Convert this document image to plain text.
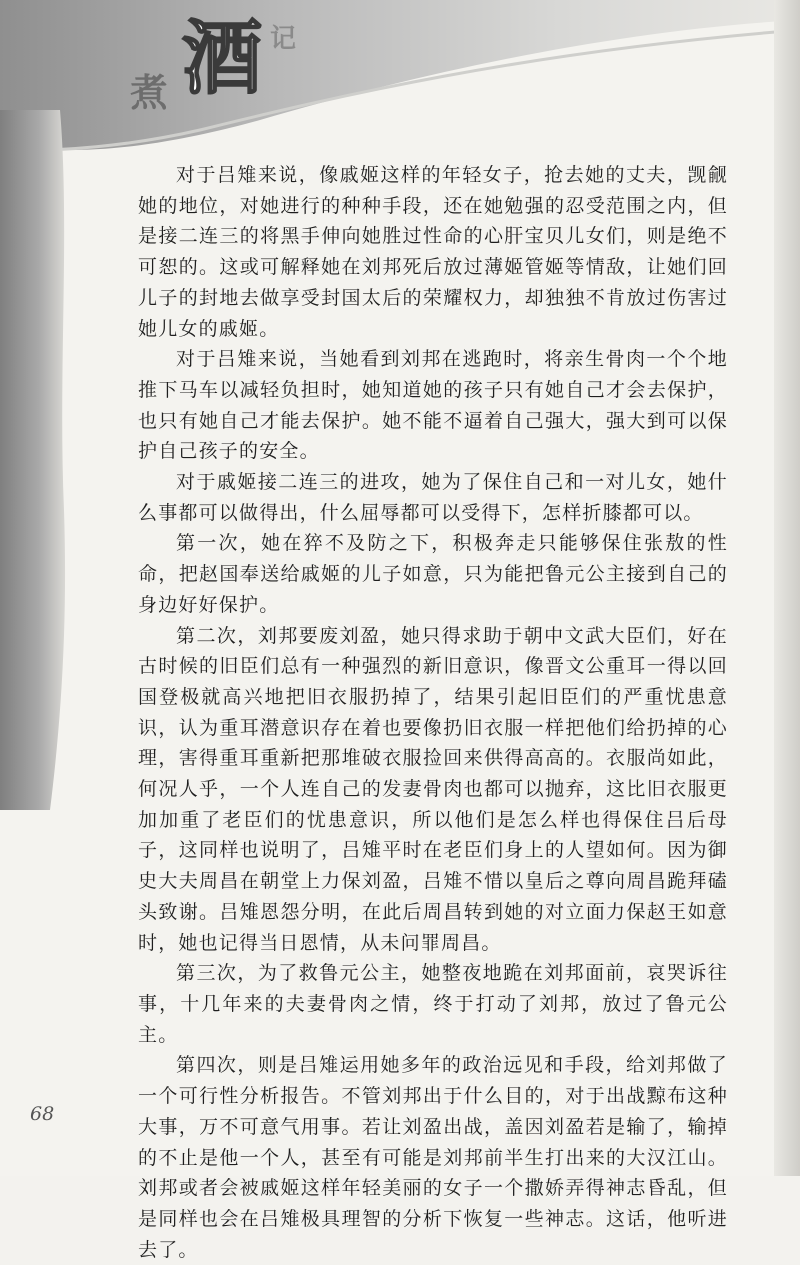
煮 酒 记

对于吕雉来说，像戚姬这样的年轻女子，抢去她的丈夫，觊觎她的地位，对她进行的种种手段，还在她勉强的忍受范围之内，但是接二连三的将黑手伸向她胜过性命的心肝宝贝儿女们，则是绝不可恕的。这或可解释她在刘邦死后放过薄姬管姬等情敌，让她们回儿子的封地去做享受封国太后的荣耀权力，却独独不肯放过伤害过她儿女的戚姬。

对于吕雉来说，当她看到刘邦在逃跑时，将亲生骨肉一个个地推下马车以减轻负担时，她知道她的孩子只有她自己才会去保护，也只有她自己才能去保护。她不能不逼着自己强大，强大到可以保护自己孩子的安全。

对于戚姬接二连三的进攻，她为了保住自己和一对儿女，她什么事都可以做得出，什么屈辱都可以受得下，怎样折膝都可以。

第一次，她在猝不及防之下，积极奔走只能够保住张敖的性命，把赵国奉送给戚姬的儿子如意，只为能把鲁元公主接到自己的身边好好保护。

第二次，刘邦要废刘盈，她只得求助于朝中文武大臣们，好在古时候的旧臣们总有一种强烈的新旧意识，像晋文公重耳一得以回国登极就高兴地把旧衣服扔掉了，结果引起旧臣们的严重忧患意识，认为重耳潜意识存在着也要像扔旧衣服一样把他们给扔掉的心理，害得重耳重新把那堆破衣服捡回来供得高高的。衣服尚如此，何况人乎，一个人连自己的发妻骨肉也都可以抛弃，这比旧衣服更加加重了老臣们的忧患意识，所以他们是怎么样也得保住吕后母子，这同样也说明了，吕雉平时在老臣们身上的人望如何。因为御史大夫周昌在朝堂上力保刘盈，吕雉不惜以皇后之尊向周昌跪拜磕头致谢。吕雉恩怨分明，在此后周昌转到她的对立面力保赵王如意时，她也记得当日恩情，从未问罪周昌。

第三次，为了救鲁元公主，她整夜地跪在刘邦面前，哀哭诉往事，十几年来的夫妻骨肉之情，终于打动了刘邦，放过了鲁元公主。

第四次，则是吕雉运用她多年的政治远见和手段，给刘邦做了一个可行性分析报告。不管刘邦出于什么目的，对于出战黥布这种大事，万不可意气用事。若让刘盈出战，盖因刘盈若是输了，输掉的不止是他一个人，甚至有可能是刘邦前半生打出来的大汉江山。刘邦或者会被戚姬这样年轻美丽的女子一个撒娇弄得神志昏乱，但是同样也会在吕雉极具理智的分析下恢复一些神志。这话，他听进去了。

68
